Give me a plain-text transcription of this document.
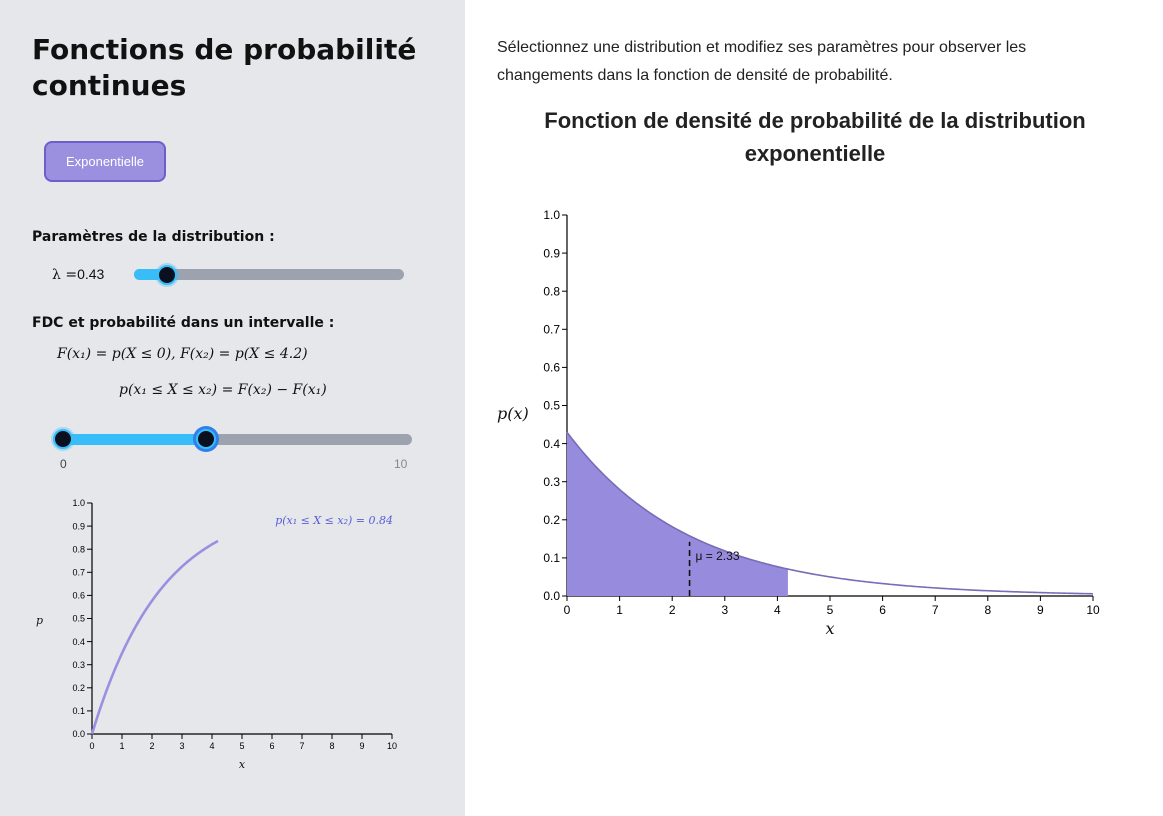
Fonctions de probabilité continues
Exponentielle
Paramètres de la distribution :
λ =0.43
FDC et probabilité dans un intervalle :
F(x₁) = p(X ≤ 0), F(x₂) = p(X ≤ 4.2)
p(x₁ ≤ X ≤ x₂) = F(x₂) − F(x₁)
0	10
0	1	2	3	4	5	6	7	8	9 10
0.0
0.1
0.2
0.3
0.4
0.5
0.6
0.7
0.8
0.9
1.0
p(x₁ ≤ X ≤ x₂) = 0.84
x
p

Sélectionnez une distribution et modifiez ses paramètres pour observer les changements dans la fonction de densité de probabilité.

Fonction de densité de probabilité de la distribution exponentielle
0	1	2	3	4	5	6	7	8	9	10
0.0
0.1
0.2
0.3
0.4
0.5
0.6
0.7
0.8
0.9
1.0
μ = 2.33
x
p(x)
